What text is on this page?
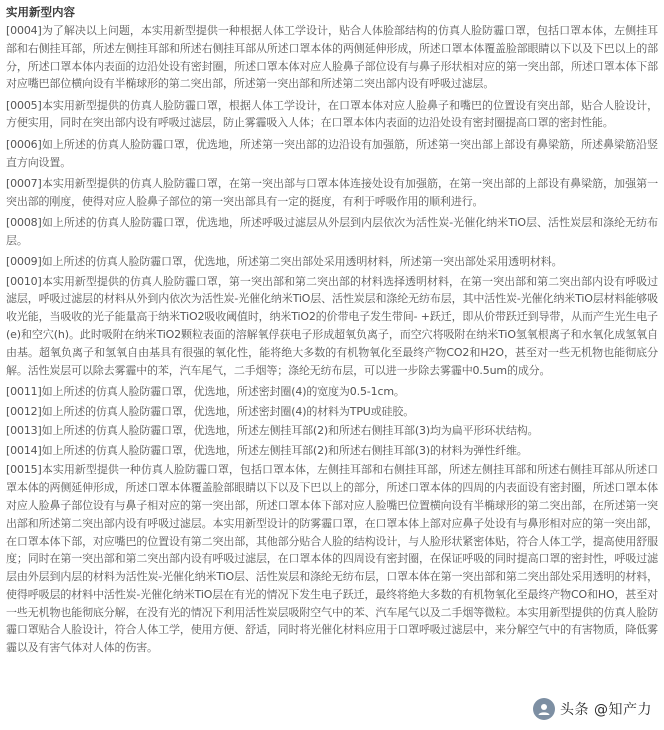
实用新型内容

[0004]为了解决以上问题，本实用新型提供一种根据人体工学设计，贴合人体脸部结构的仿真人脸防霾口罩，包括口罩本体，左侧挂耳部和右侧挂耳部，所述左侧挂耳部和所述右侧挂耳部从所述口罩本体的两侧延伸形成，所述口罩本体覆盖脸部眼睛以下以及下巴以上的部分，所述口罩本体内表面的边沿处设有密封圈，所述口罩本体对应人脸鼻子部位设有与鼻子形状相对应的第一突出部，所述口罩本体下部对应嘴巴部位横向设有半椭球形的第二突出部，所述第一突出部和所述第二突出部内设有呼吸过滤层。

[0005]本实用新型提供的仿真人脸防霾口罩，根据人体工学设计，在口罩本体对应人脸鼻子和嘴巴的位置设有突出部，贴合人脸设计，方便实用，同时在突出部内设有呼吸过滤层，防止雾霾吸入人体；在口罩本体内表面的边沿处设有密封圈提高口罩的密封性能。

[0006]如上所述的仿真人脸防霾口罩，优选地，所述第一突出部的边沿设有加强筋，所述第一突出部上部设有鼻梁筋，所述鼻梁筋沿竖直方向设置。

[0007]本实用新型提供的仿真人脸防霾口罩，在第一突出部与口罩本体连接处设有加强筋，在第一突出部的上部设有鼻梁筋，加强第一突出部的刚度，使得对应人脸鼻子部位的第一突出部具有一定的挺度，有利于呼吸作用的顺利进行。

[0008]如上所述的仿真人脸防霾口罩，优选地，所述呼吸过滤层从外层到内层依次为活性炭-光催化纳米TiO层、活性炭层和涤纶无纺布层。

[0009]如上所述的仿真人脸防霾口罩，优选地，所述第二突出部处采用透明材料，所述第一突出部处采用透明材料。

[0010]本实用新型提供的仿真人脸防霾口罩，第一突出部和第二突出部的材料选择透明材料，在第一突出部和第二突出部内设有呼吸过滤层，呼吸过滤层的材料从外到内依次为活性炭-光催化纳米TiO层、活性炭层和涤纶无纺布层，其中活性炭-光催化纳米TiO层材料能够吸收光能，当吸收的光子能量高于纳米TiO2吸收阈值时，纳米TiO2的价带电子发生带间- +跃迁，即从价带跃迁到导带，从而产生光生电子(e)和空穴(h)。此时吸附在纳米TiO2颗粒表面的溶解氧俘获电子形成超氧负离子，而空穴将吸附在纳米TiO氢氧根离子和水氧化成氢氧自由基。超氧负离子和氢氧自由基具有很强的氧化性，能将绝大多数的有机物氧化至最终产物CO2和H2O，甚至对一些无机物也能彻底分解。活性炭层可以除去雾霾中的苯，汽车尾气，二手烟等；涤纶无纺布层，可以进一步除去雾霾中0.5um的成分。

[0011]如上所述的仿真人脸防霾口罩，优选地，所述密封圈(4)的宽度为0.5-1cm。

[0012]如上所述的仿真人脸防霾口罩，优选地，所述密封圈(4)的材料为TPU或硅胶。

[0013]如上所述的仿真人脸防霾口罩，优选地，所述左侧挂耳部(2)和所述右侧挂耳部(3)均为扁平形环状结构。

[0014]如上所述的仿真人脸防霾口罩，优选地，所述左侧挂耳部(2)和所述右侧挂耳部(3)的材料为弹性纤维。

[0015]本实用新型提供一种仿真人脸防霾口罩，包括口罩本体，左侧挂耳部和右侧挂耳部，所述左侧挂耳部和所述右侧挂耳部从所述口罩本体的两侧延伸形成，所述口罩本体覆盖脸部眼睛以下以及下巴以上的部分，所述口罩本体的四周的内表面设有密封圈，所述口罩本体对应人脸鼻子部位设有与鼻子相对应的第一突出部，所述口罩本体下部对应人脸嘴巴位置横向设有半椭球形的第二突出部，在所述第一突出部和所述第二突出部内设有呼吸过滤层。本实用新型设计的防雾霾口罩，在口罩本体上部对应鼻子处设有与鼻形相对应的第一突出部，在口罩本体下部，对应嘴巴的位置设有第二突出部，其他部分贴合人脸的结构设计，与人脸形状紧密体贴，符合人体工学，提高使用舒服度；同时在第一突出部和第二突出部内设有呼吸过滤层，在口罩本体的四周设有密封圈，在保证呼吸的同时提高口罩的密封性，呼吸过滤层由外层到内层的材料为活性炭-光催化纳米TiO层、活性炭层和涤纶无纺布层，口罩本体在第一突出部和第二突出部处采用透明的材料，使得呼吸层的材料中活性炭-光催化纳米TiO层在有光的情况下发生电子跃迁，最终将绝大多数的有机物氧化至最终产物CO和HO，甚至对一些无机物也能彻底分解，在没有光的情况下利用活性炭层吸附空气中的苯、汽车尾气以及二手烟等微粒。本实用新型提供的仿真人脸防霾口罩贴合人脸设计，符合人体工学，使用方便、舒适，同时将光催化材料应用于口罩呼吸过滤层中，来分解空气中的有害物质，降低雾霾以及有害气体对人体的伤害。

头条 @知产力
